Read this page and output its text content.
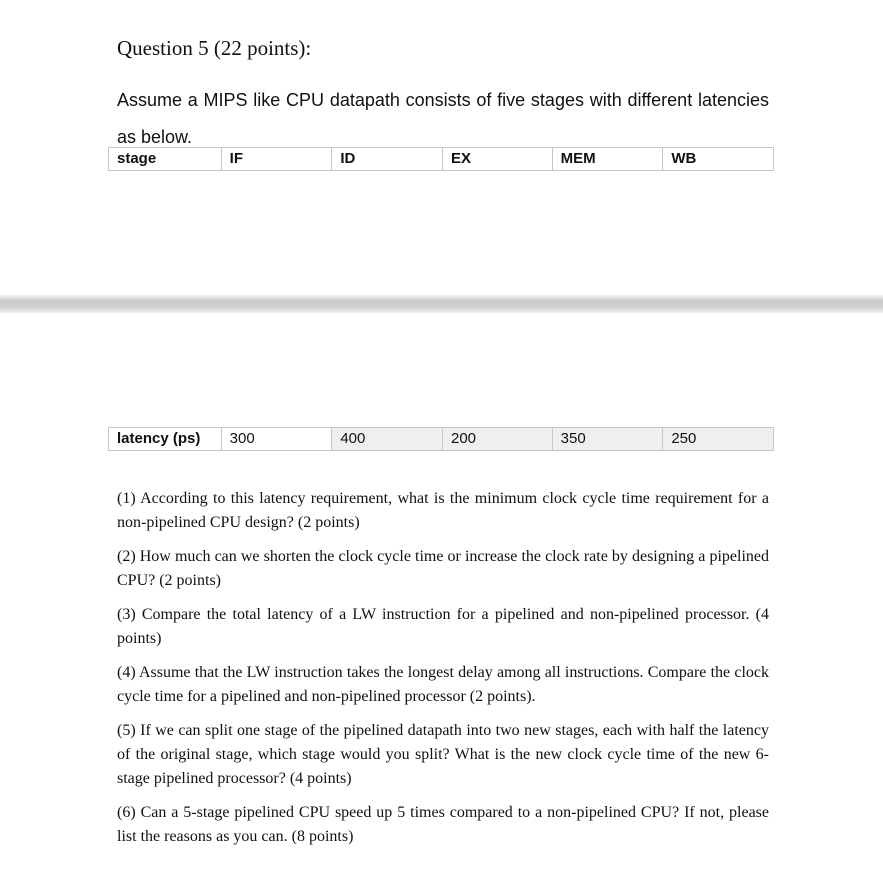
Question 5 (22 points):

Assume a MIPS like CPU datapath consists of five stages with different latencies as below.

stage	IF	ID	EX	MEM	WB
latency (ps)	300	400	200	350	250
(1) According to this latency requirement, what is the minimum clock cycle time requirement for a non-pipelined CPU design? (2 points)
(2) How much can we shorten the clock cycle time or increase the clock rate by designing a pipelined CPU? (2 points)
(3) Compare the total latency of a LW instruction for a pipelined and non-pipelined processor. (4 points)
(4) Assume that the LW instruction takes the longest delay among all instructions. Compare the clock cycle time for a pipelined and non-pipelined processor (2 points).
(5) If we can split one stage of the pipelined datapath into two new stages, each with half the latency of the original stage, which stage would you split? What is the new clock cycle time of the new 6-stage pipelined processor? (4 points)
(6) Can a 5-stage pipelined CPU speed up 5 times compared to a non-pipelined CPU? If not, please list the reasons as you can. (8 points)
